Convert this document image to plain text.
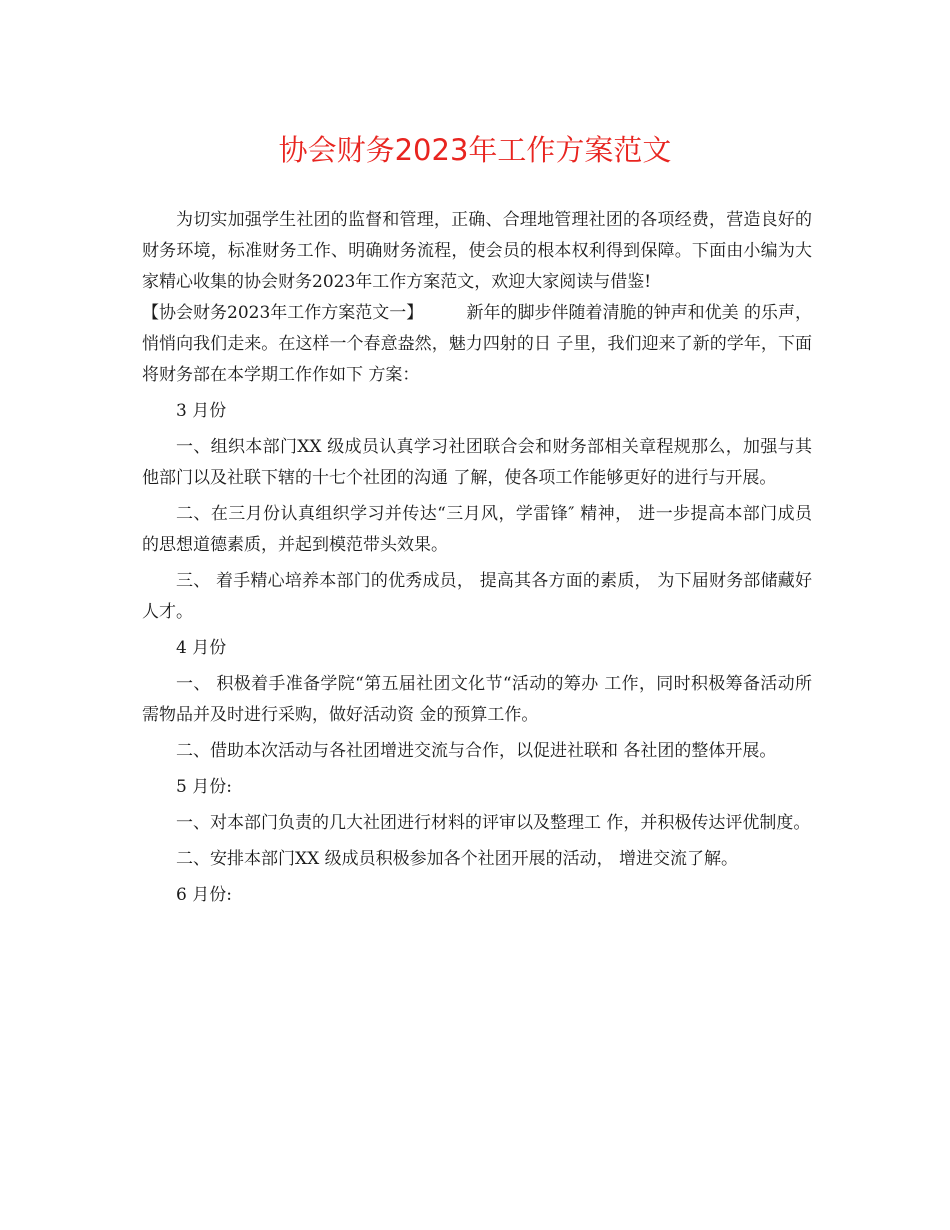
协会财务2023年工作方案范文

为切实加强学生社团的监督和管理，正确、合理地管理社团的各项经费，营造良好的财务环境，标准财务工作、明确财务流程，使会员的根本权利得到保障。下面由小编为大家精心收集的协会财务2023年工作方案范文，欢迎大家阅读与借鉴!

【协会财务2023年工作方案范文一】	新年的脚步伴随着清脆的钟声和优美 的乐声，悄悄向我们走来。在这样一个春意盎然，魅力四射的日 子里，我们迎来了新的学年，下面将财务部在本学期工作作如下 方案：

3 月份

一、组织本部门XX 级成员认真学习社团联合会和财务部相关章程规那么，加强与其他部门以及社联下辖的十七个社团的沟通 了解，使各项工作能够更好的进行与开展。

二、在三月份认真组织学习并传达“三月风，学雷锋″ 精神， 进一步提高本部门成员的思想道德素质，并起到模范带头效果。

三、 着手精心培养本部门的优秀成员， 提高其各方面的素质， 为下届财务部储藏好人才。

4 月份

一、 积极着手准备学院“第五届社团文化节“活动的筹办 工作，同时积极筹备活动所需物品并及时进行采购，做好活动资 金的预算工作。

二、借助本次活动与各社团增进交流与合作，以促进社联和 各社团的整体开展。

5 月份:

一、对本部门负责的几大社团进行材料的评审以及整理工 作，并积极传达评优制度。

二、安排本部门XX 级成员积极参加各个社团开展的活动， 增进交流了解。

6 月份:
